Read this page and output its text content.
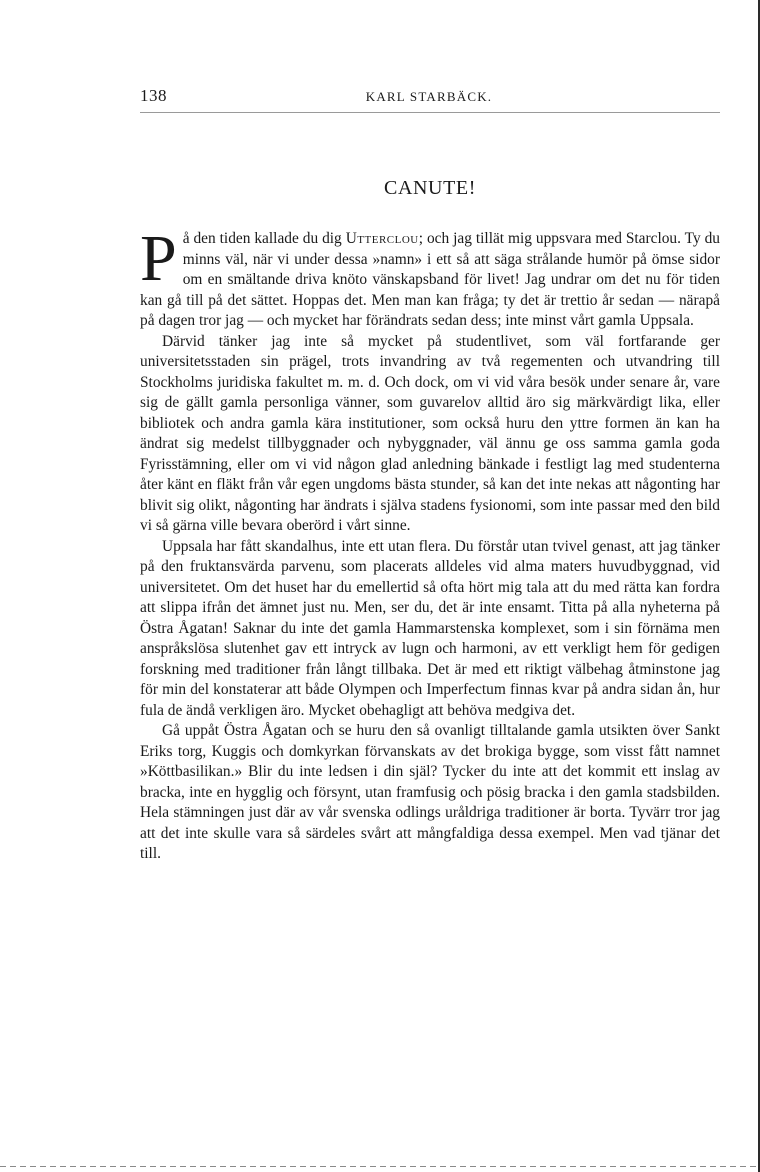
138	KARL STARBÄCK.
CANUTE!

På den tiden kallade du dig Utterclou; och jag tillät mig uppsvara med Starclou. Ty du minns väl, när vi under dessa »namn» i ett så att säga strålande humör på ömse sidor om en smältande driva knöto vänskapsband för livet! Jag undrar om det nu för tiden kan gå till på det sättet. Hoppas det. Men man kan fråga; ty det är trettio år sedan — närapå på dagen tror jag — och mycket har förändrats sedan dess; inte minst vårt gamla Uppsala.

Därvid tänker jag inte så mycket på studentlivet, som väl fortfarande ger universitetsstaden sin prägel, trots invandring av två regementen och utvandring till Stockholms juridiska fakultet m. m. d. Och dock, om vi vid våra besök under senare år, vare sig de gällt gamla personliga vänner, som guvarelov alltid äro sig märkvärdigt lika, eller bibliotek och andra gamla kära institutioner, som också huru den yttre formen än kan ha ändrat sig medelst tillbyggnader och nybyggnader, väl ännu ge oss samma gamla goda Fyrisstämning, eller om vi vid någon glad anledning bänkade i festligt lag med studenterna åter känt en fläkt från vår egen ungdoms bästa stunder, så kan det inte nekas att någonting har blivit sig olikt, någonting har ändrats i själva stadens fysionomi, som inte passar med den bild vi så gärna ville bevara oberörd i vårt sinne.

Uppsala har fått skandalhus, inte ett utan flera. Du förstår utan tvivel genast, att jag tänker på den fruktansvärda parvenu, som placerats alldeles vid alma maters huvudbyggnad, vid universitetet. Om det huset har du emellertid så ofta hört mig tala att du med rätta kan fordra att slippa ifrån det ämnet just nu. Men, ser du, det är inte ensamt. Titta på alla nyheterna på Östra Ågatan! Saknar du inte det gamla Hammarstenska komplexet, som i sin förnäma men anspråkslösa slutenhet gav ett intryck av lugn och harmoni, av ett verkligt hem för gedigen forskning med traditioner från långt tillbaka. Det är med ett riktigt välbehag åtminstone jag för min del konstaterar att både Olympen och Imperfectum finnas kvar på andra sidan ån, hur fula de ändå verkligen äro. Mycket obehagligt att behöva medgiva det.

Gå uppåt Östra Ågatan och se huru den så ovanligt tilltalande gamla utsikten över Sankt Eriks torg, Kuggis och domkyrkan förvanskats av det brokiga bygge, som visst fått namnet »Köttbasilikan.» Blir du inte ledsen i din själ? Tycker du inte att det kommit ett inslag av bracka, inte en hygglig och försynt, utan framfusig och pösig bracka i den gamla stadsbilden. Hela stämningen just där av vår svenska odlings uråldriga traditioner är borta. Tyvärr tror jag att det inte skulle vara så särdeles svårt att mångfaldiga dessa exempel. Men vad tjänar det till.
